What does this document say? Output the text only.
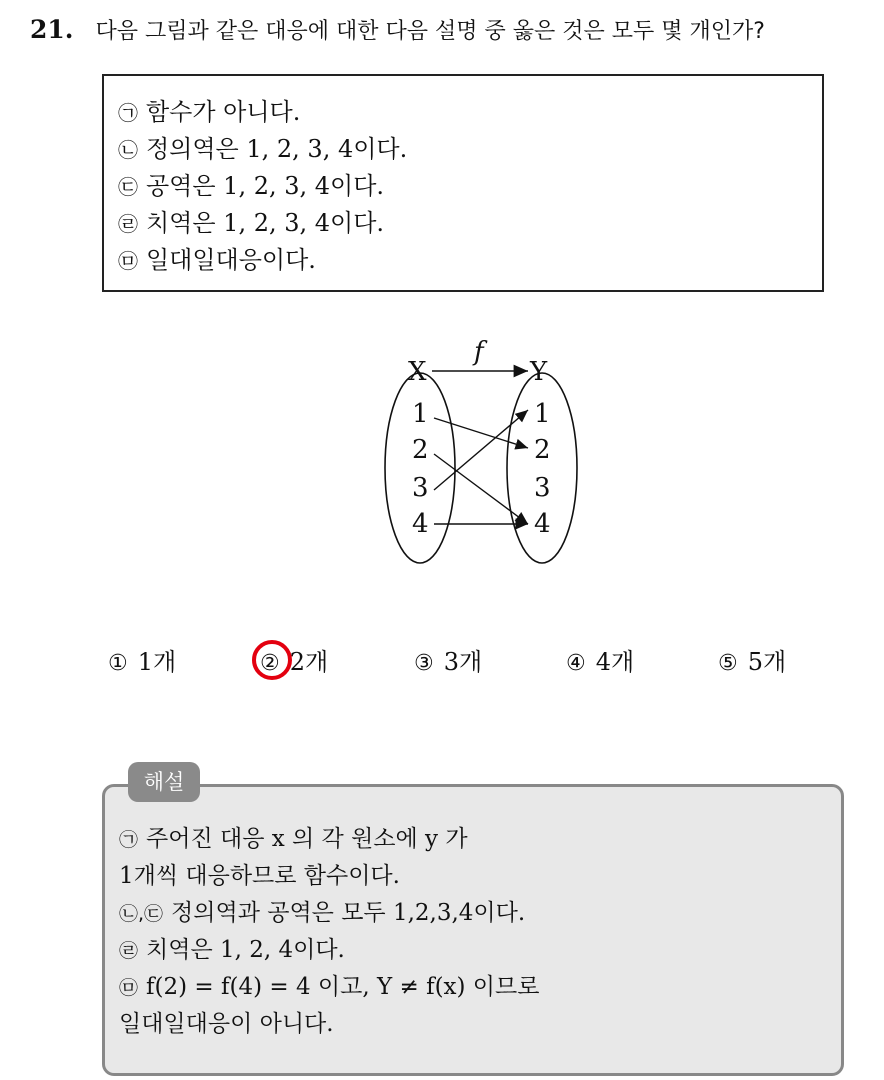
21. 다음 그림과 같은 대응에 대한 다음 설명 중 옳은 것은 모두 몇 개인가?
㉠ 함수가 아니다.
㉡ 정의역은 1, 2, 3, 4이다.
㉢ 공역은 1, 2, 3, 4이다.
㉣ 치역은 1, 2, 3, 4이다.
㉤ 일대일대응이다.
X	Y
f
1
2
3
4
1
2
3
4
① 1개	② 2개	③ 3개	④ 4개	⑤ 5개
㉠ 주어진 대응 x 의 각 원소에 y 가
1개씩 대응하므로 함수이다.
㉡,㉢ 정의역과 공역은 모두 1,2,3,4이다.
㉣ 치역은 1, 2, 4이다.
㉤ f(2) = f(4) = 4 이고, Y ≠ f(x) 이므로
일대일대응이 아니다.
해설
